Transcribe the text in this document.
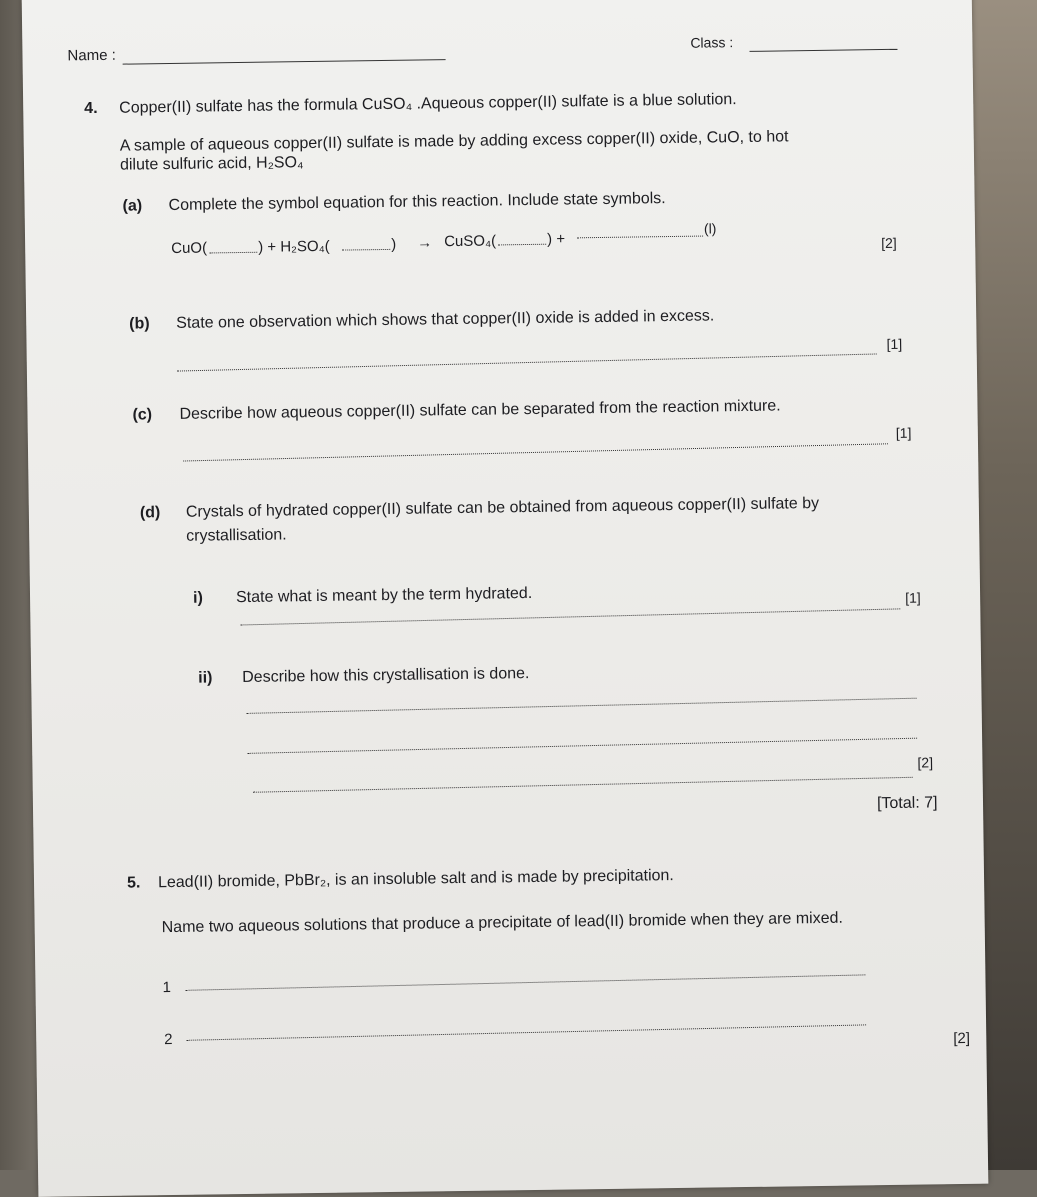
Name :
Class :
4. Copper(II) sulfate has the formula CuSO₄ .Aqueous copper(II) sulfate is a blue solution.
A sample of aqueous copper(II) sulfate is made by adding excess copper(II) oxide, CuO, to hot
dilute sulfuric acid, H₂SO₄
(a) Complete the symbol equation for this reaction. Include state symbols.
CuO(	) + H₂SO₄(	) → CuSO₄(	) +
(l)
[2]
(b) State one observation which shows that copper(II) oxide is added in excess.
[1]
(c) Describe how aqueous copper(II) sulfate can be separated from the reaction mixture.
[1]
(d) Crystals of hydrated copper(II) sulfate can be obtained from aqueous copper(II) sulfate by
crystallisation.
i) State what is meant by the term hydrated.	[1]
ii) Describe how this crystallisation is done.
[2]
[Total: 7]
5. Lead(II) bromide, PbBr₂, is an insoluble salt and is made by precipitation.
Name two aqueous solutions that produce a precipitate of lead(II) bromide when they are mixed.
1
2	[2]
